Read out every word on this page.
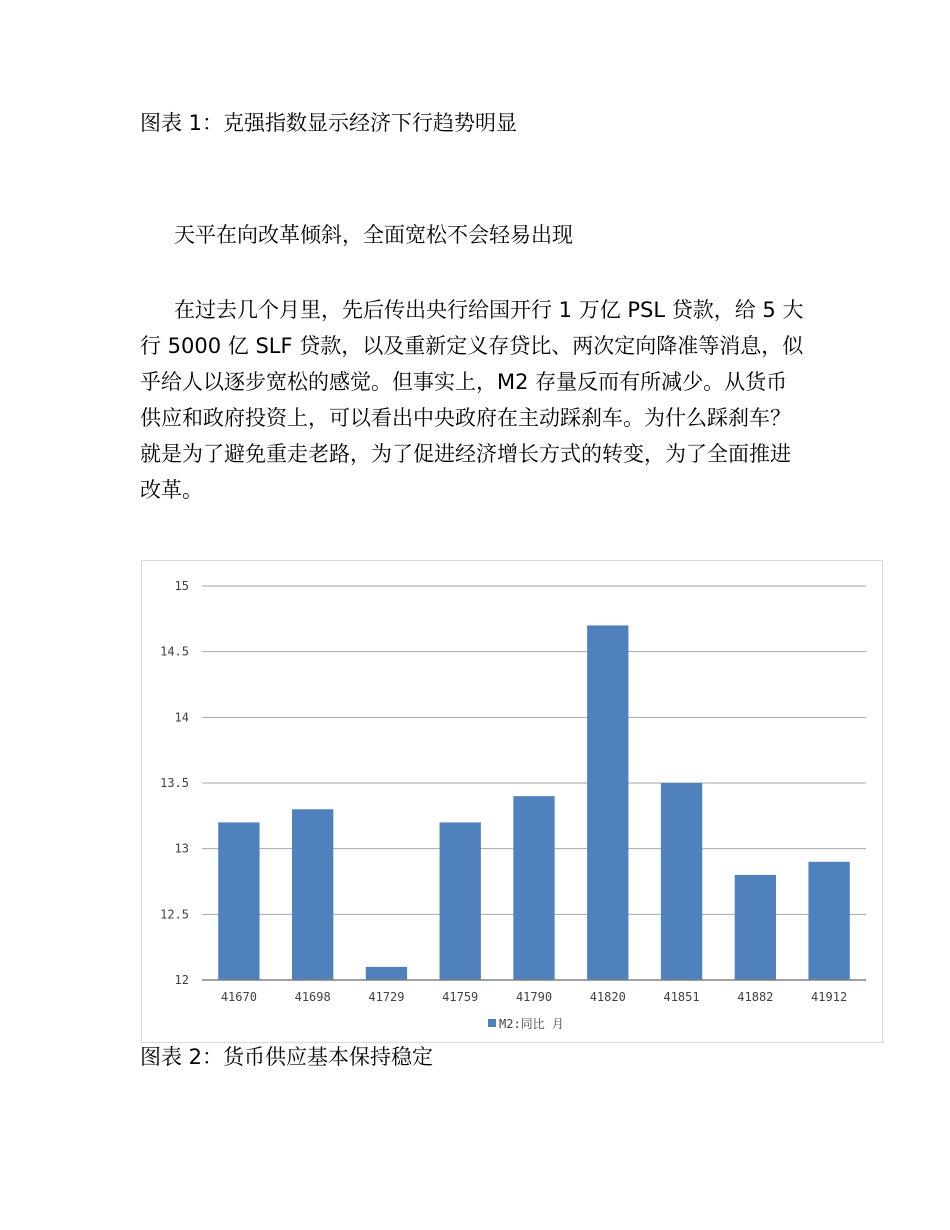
图表 1：克强指数显示经济下行趋势明显
天平在向改革倾斜，全面宽松不会轻易出现

在过去几个月里，先后传出央行给国开行 1 万亿 PSL 贷款，给 5 大
行 5000 亿 SLF 贷款，以及重新定义存贷比、两次定向降准等消息，似
乎给人以逐步宽松的感觉。但事实上，M2 存量反而有所减少。从货币
供应和政府投资上，可以看出中央政府在主动踩刹车。为什么踩刹车？
就是为了避免重走老路，为了促进经济增长方式的转变，为了全面推进
改革。

12
12.5
13
13.5
14
14.5
15
41670	41698	41729	41759	41790	41820	41851	41882	41912
M2:同比 月
图表 2：货币供应基本保持稳定
